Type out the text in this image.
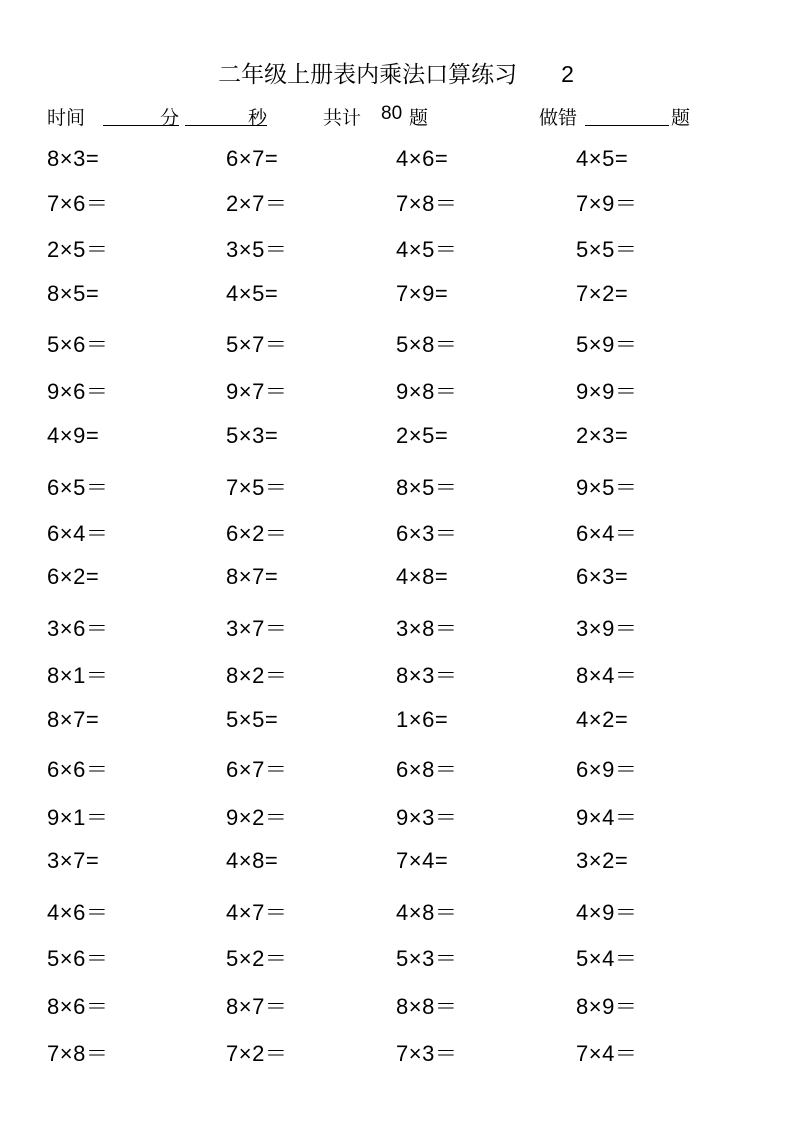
二年级上册表内乘法口算练习 2
时间	分	秒	共计 80 题	做错	题
8×3=	6×7=	4×6=	4×5=
7×6＝	2×7＝	7×8＝	7×9＝
2×5＝	3×5＝	4×5＝	5×5＝
8×5=	4×5=	7×9=	7×2=
5×6＝	5×7＝	5×8＝	5×9＝
9×6＝	9×7＝	9×8＝	9×9＝
4×9=	5×3=	2×5=	2×3=
6×5＝	7×5＝	8×5＝	9×5＝
6×4＝	6×2＝	6×3＝	6×4＝
6×2=	8×7=	4×8=	6×3=
3×6＝	3×7＝	3×8＝	3×9＝
8×1＝	8×2＝	8×3＝	8×4＝
8×7=	5×5=	1×6=	4×2=
6×6＝	6×7＝	6×8＝	6×9＝
9×1＝	9×2＝	9×3＝	9×4＝
3×7=	4×8=	7×4=	3×2=
4×6＝	4×7＝	4×8＝	4×9＝
5×6＝	5×2＝	5×3＝	5×4＝
8×6＝	8×7＝	8×8＝	8×9＝
7×8＝	7×2＝	7×3＝	7×4＝
